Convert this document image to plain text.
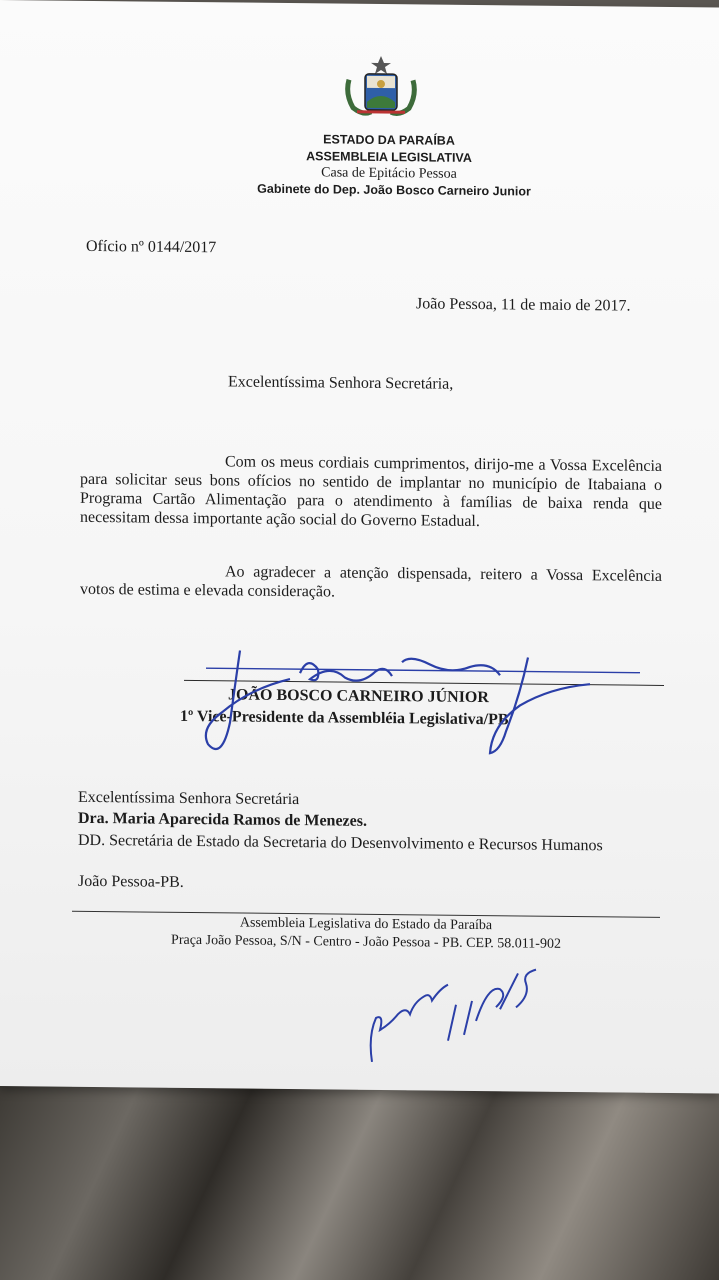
ESTADO DA PARAÍBA
ASSEMBLEIA LEGISLATIVA
Casa de Epitácio Pessoa
Gabinete do Dep. João Bosco Carneiro Junior
Ofício nº 0144/2017
João Pessoa, 11 de maio de 2017.
Excelentíssima Senhora Secretária,
Com os meus cordiais cumprimentos, dirijo-me a Vossa Excelência para solicitar seus bons ofícios no sentido de implantar no município de Itabaiana o Programa Cartão Alimentação para o atendimento à famílias de baixa renda que necessitam dessa importante ação social do Governo Estadual.
Ao agradecer a atenção dispensada, reitero a Vossa Excelência votos de estima e elevada consideração.
JOÃO BOSCO CARNEIRO JÚNIOR
1º Vice-Presidente da Assembléia Legislativa/PB
Excelentíssima Senhora Secretária
Dra. Maria Aparecida Ramos de Menezes.
DD. Secretária de Estado da Secretaria do Desenvolvimento e Recursos Humanos
João Pessoa-PB.
Assembleia Legislativa do Estado da Paraíba
Praça João Pessoa, S/N - Centro - João Pessoa - PB. CEP. 58.011-902
